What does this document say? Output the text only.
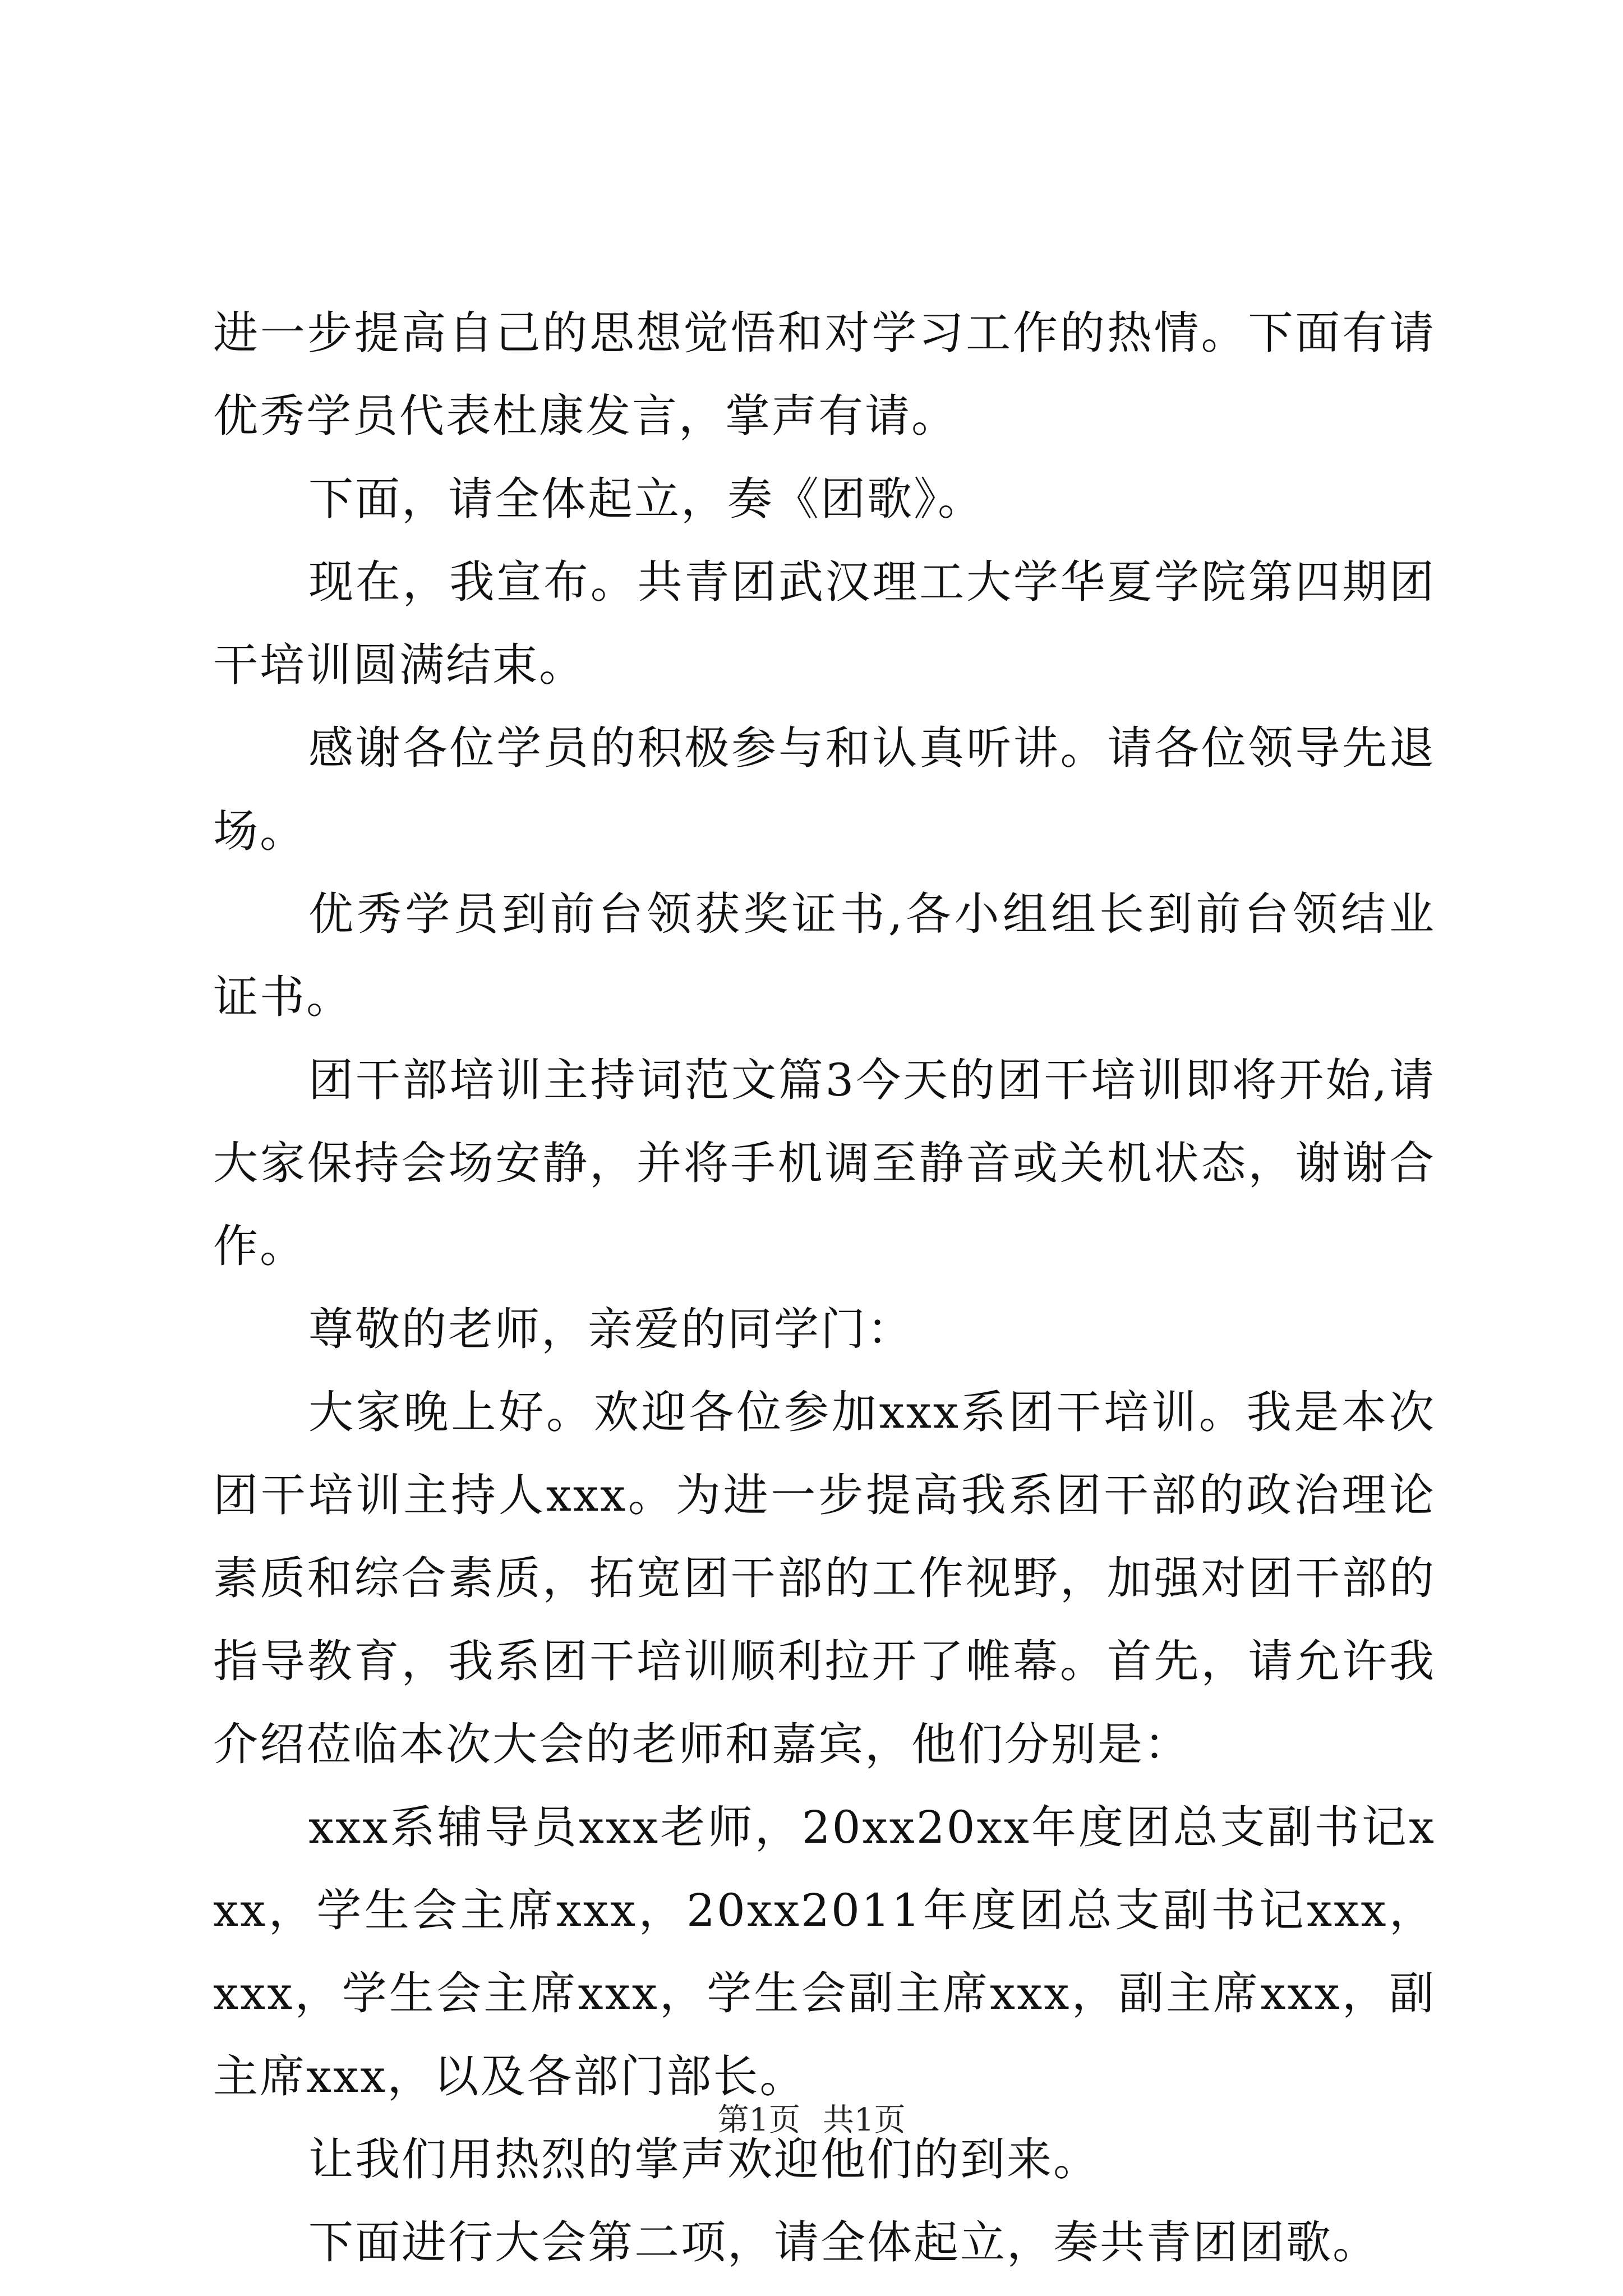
进一步提高自己的思想觉悟和对学习工作的热情。下面有请优秀学员代表杜康发言，掌声有请。

下面，请全体起立，奏《团歌》。

现在，我宣布。共青团武汉理工大学华夏学院第四期团干培训圆满结束。

感谢各位学员的积极参与和认真听讲。请各位领导先退场。

优秀学员到前台领获奖证书,各小组组长到前台领结业证书。

团干部培训主持词范文篇3今天的团干培训即将开始,请大家保持会场安静，并将手机调至静音或关机状态，谢谢合作。

尊敬的老师，亲爱的同学门：

大家晚上好。欢迎各位参加xxx系团干培训。我是本次团干培训主持人xxx。为进一步提高我系团干部的政治理论素质和综合素质，拓宽团干部的工作视野，加强对团干部的指导教育，我系团干培训顺利拉开了帷幕。首先，请允许我介绍莅临本次大会的老师和嘉宾，他们分别是：

xxx系辅导员xxx老师，20xx20xx年度团总支副书记xxx，学生会主席xxx，20xx2011年度团总支副书记xxx，xxx，学生会主席xxx，学生会副主席xxx，副主席xxx，副主席xxx，以及各部门部长。

让我们用热烈的掌声欢迎他们的到来。

下面进行大会第二项，请全体起立，奏共青团团歌。

第1页 共1页
